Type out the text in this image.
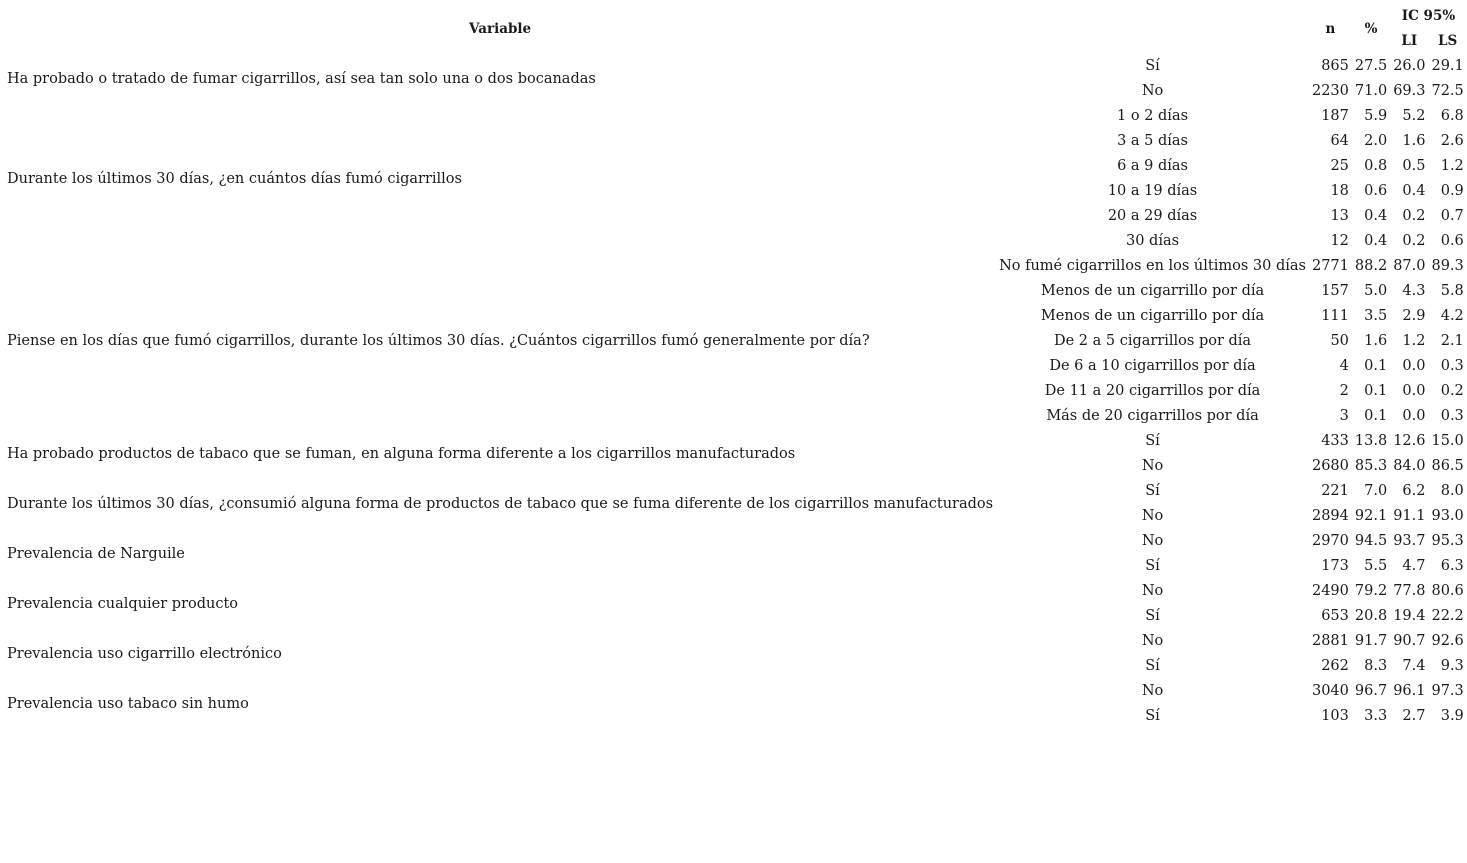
Variable		n	%	IC 95%	
				LI	LS
Ha probado o tratado de fumar cigarrillos, así sea tan solo una o dos bocanadas	Sí	865	27.5	26.0	29.1
	No	2230	71.0	69.3	72.5
Durante los últimos 30 días, ¿en cuántos días fumó cigarrillos	1 o 2 días	187	5.9	5.2	6.8
	3 a 5 días	64	2.0	1.6	2.6
	6 a 9 días	25	0.8	0.5	1.2
	10 a 19 días	18	0.6	0.4	0.9
	20 a 29 días	13	0.4	0.2	0.7
	30 días	12	0.4	0.2	0.6
Piense en los días que fumó cigarrillos, durante los últimos 30 días. ¿Cuántos cigarrillos fumó generalmente por día?	No fumé cigarrillos en los últimos 30 días	2771	88.2	87.0	89.3
	Menos de un cigarrillo por día	157	5.0	4.3	5.8
	Menos de un cigarrillo por día	111	3.5	2.9	4.2
	De 2 a 5 cigarrillos por día	50	1.6	1.2	2.1
	De 6 a 10 cigarrillos por día	4	0.1	0.0	0.3
	De 11 a 20 cigarrillos por día	2	0.1	0.0	0.2
	Más de 20 cigarrillos por día	3	0.1	0.0	0.3
Ha probado productos de tabaco que se fuman, en alguna forma diferente a los cigarrillos manufacturados	Sí	433	13.8	12.6	15.0
	No	2680	85.3	84.0	86.5
Durante los últimos 30 días, ¿consumió alguna forma de productos de tabaco que se fuma diferente de los cigarrillos manufacturados	Sí	221	7.0	6.2	8.0
	No	2894	92.1	91.1	93.0
Prevalencia de Narguile	No	2970	94.5	93.7	95.3
	Sí	173	5.5	4.7	6.3
Prevalencia cualquier producto	No	2490	79.2	77.8	80.6
	Sí	653	20.8	19.4	22.2
Prevalencia uso cigarrillo electrónico	No	2881	91.7	90.7	92.6
	Sí	262	8.3	7.4	9.3
Prevalencia uso tabaco sin humo	No	3040	96.7	96.1	97.3
	Sí	103	3.3	2.7	3.9
